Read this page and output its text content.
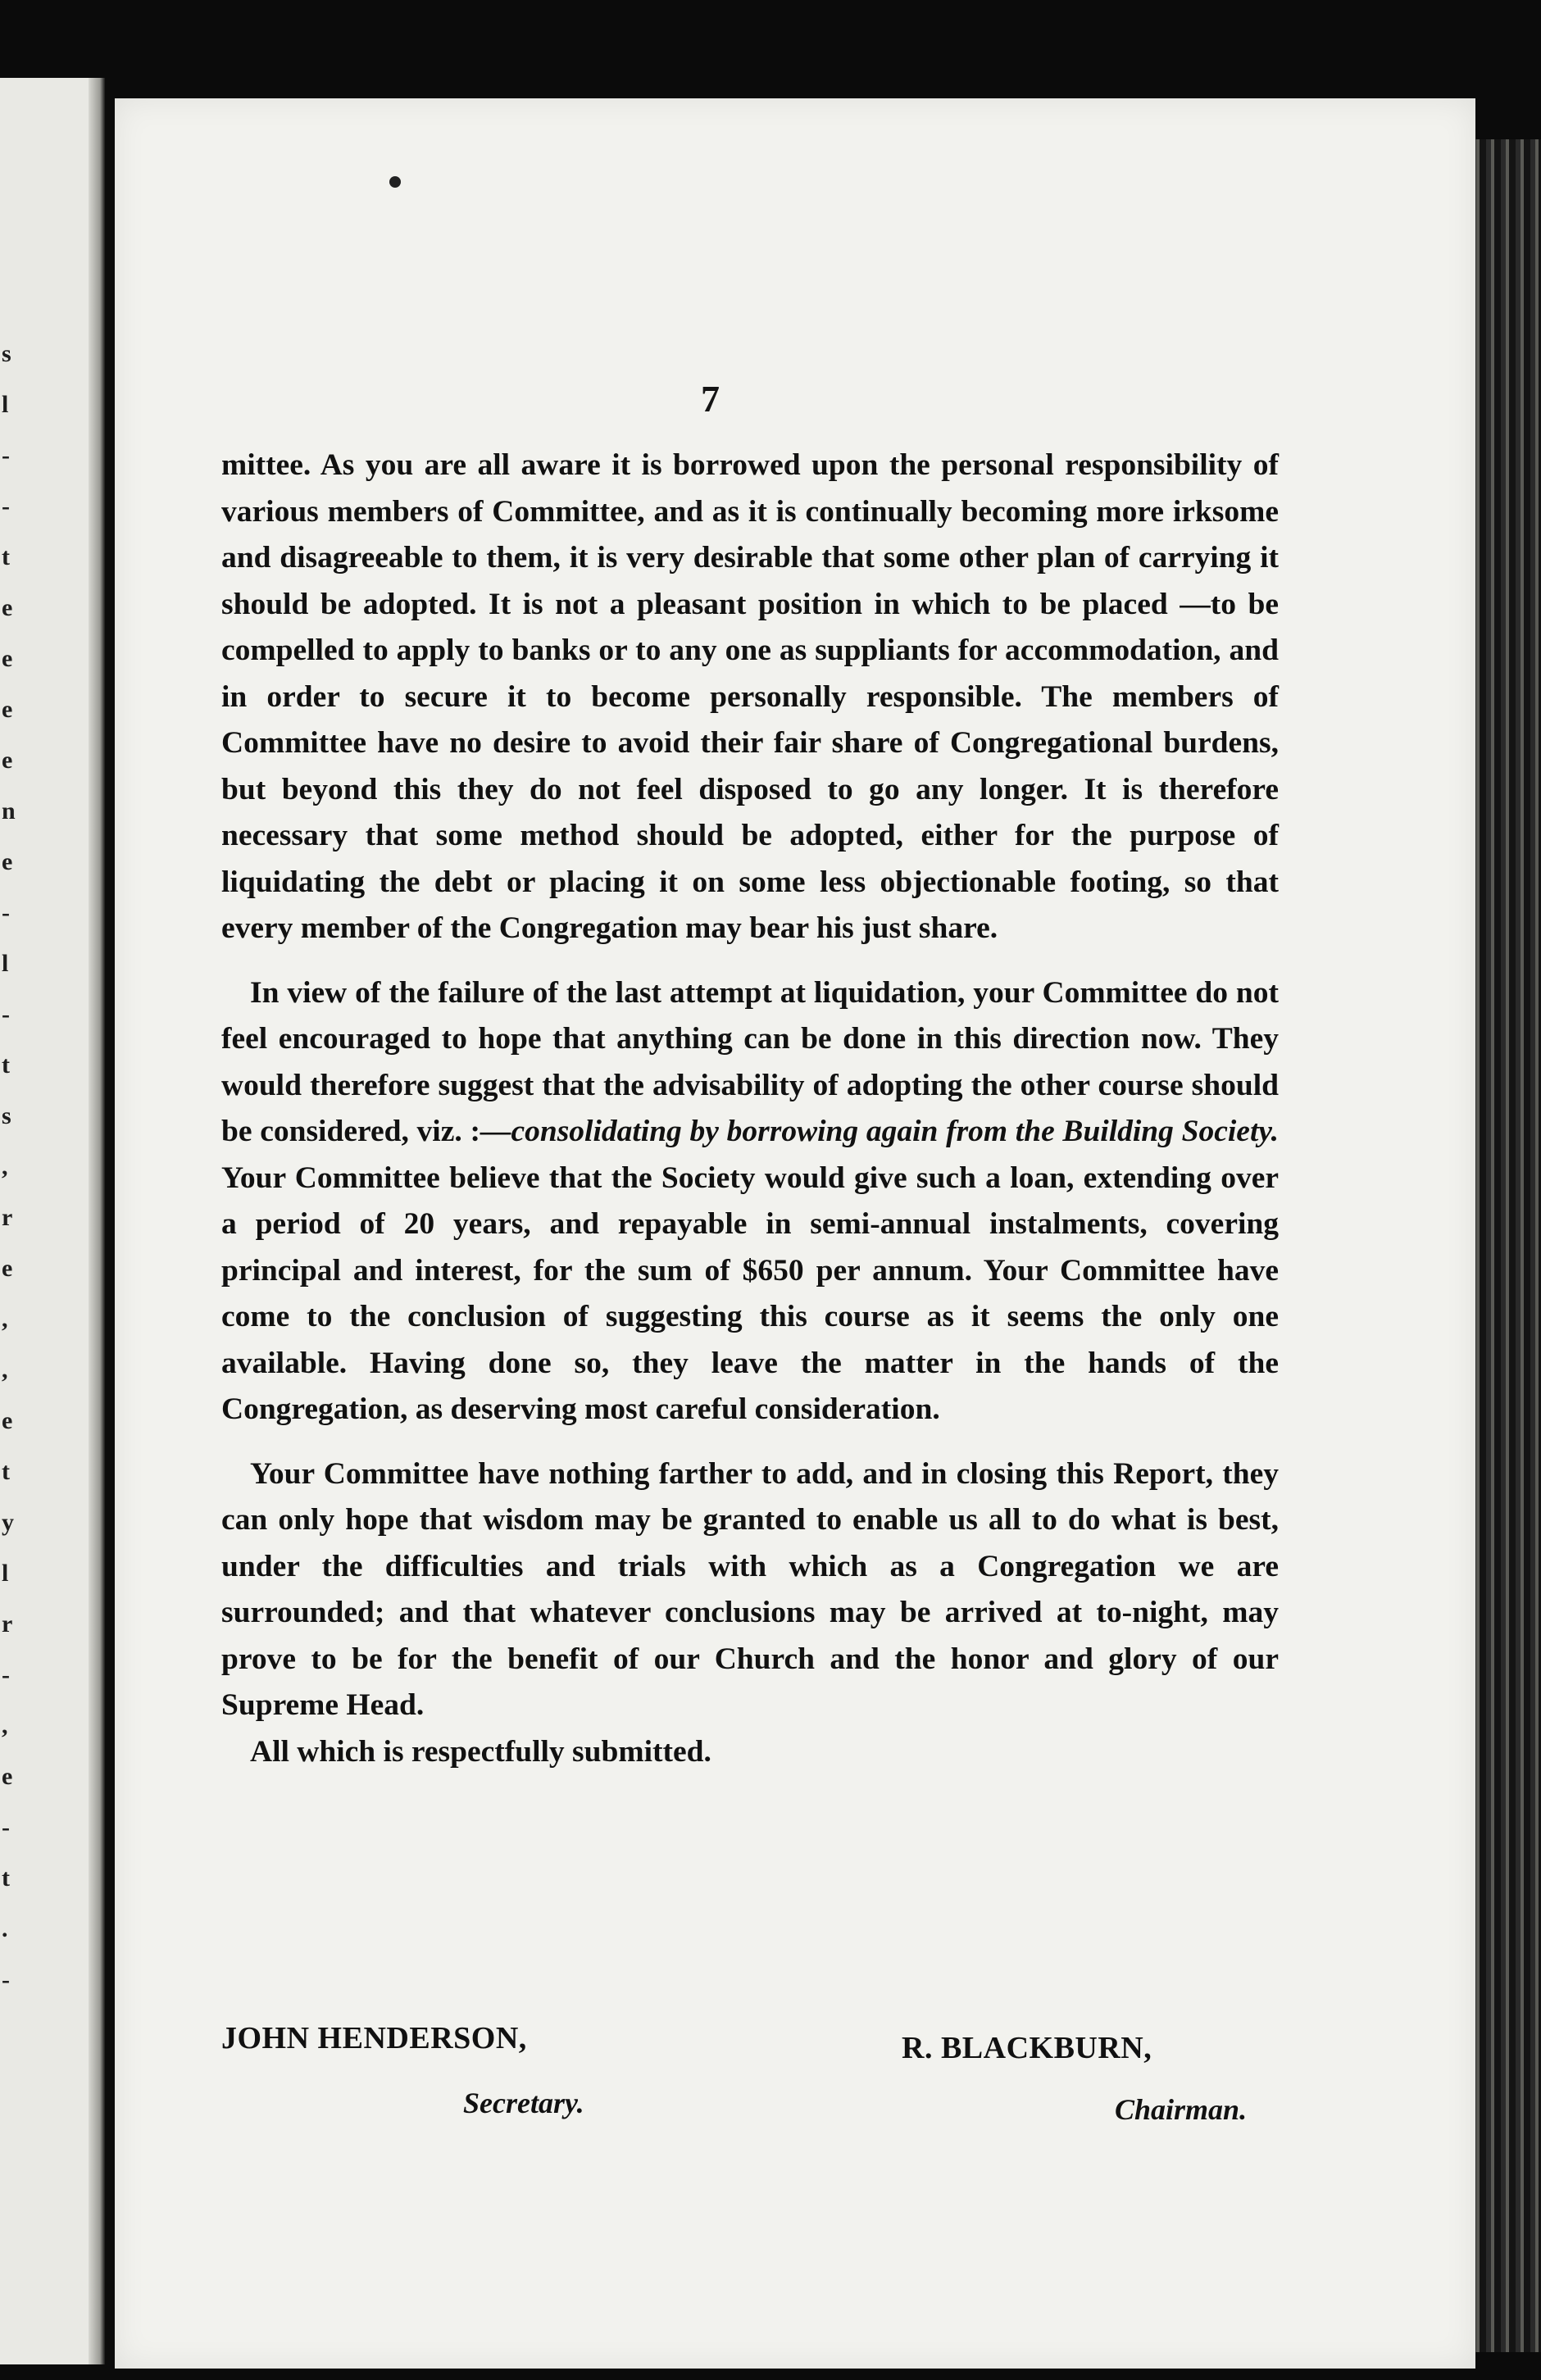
s
l
-
-
t
e
e
e
e
n
e
-
l
-
t
s
,
r
e
,
,
e
t
y
l
r
-
,
e
-
t
.
-
7

mittee. As you are all aware it is borrowed upon the personal responsibility of various members of Committee, and as it is continually becoming more irksome and disagreeable to them, it is very desirable that some other plan of carrying it should be adopted. It is not a pleasant position in which to be placed —to be compelled to apply to banks or to any one as suppliants for accommodation, and in order to secure it to become personally responsible. The members of Committee have no desire to avoid their fair share of Congregational burdens, but beyond this they do not feel disposed to go any longer. It is therefore necessary that some method should be adopted, either for the purpose of liquidating the debt or placing it on some less objectionable footing, so that every member of the Congregation may bear his just share.

In view of the failure of the last attempt at liquidation, your Committee do not feel encouraged to hope that anything can be done in this direction now. They would therefore suggest that the advisability of adopting the other course should be considered, viz. :—consolidating by borrowing again from the Building Society. Your Committee believe that the Society would give such a loan, extending over a period of 20 years, and repayable in semi-annual instalments, covering principal and interest, for the sum of $650 per annum. Your Committee have come to the conclusion of suggesting this course as it seems the only one available. Having done so, they leave the matter in the hands of the Congregation, as deserving most careful consideration.

Your Committee have nothing farther to add, and in closing this Report, they can only hope that wisdom may be granted to enable us all to do what is best, under the difficulties and trials with which as a Congregation we are surrounded; and that whatever conclusions may be arrived at to-night, may prove to be for the benefit of our Church and the honor and glory of our Supreme Head.

All which is respectfully submitted.

JOHN HENDERSON,	R. BLACKBURN,
Secretary.	Chairman.
